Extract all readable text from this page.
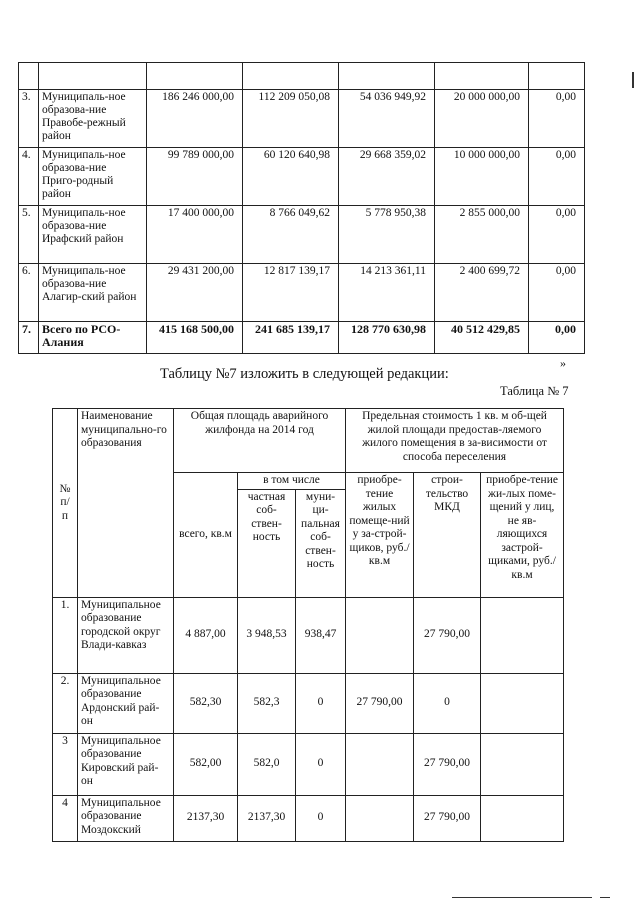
3.	Муниципаль-ное образова-ние Правобе-режный район	186 246 000,00	112 209 050,08	54 036 949,92	20 000 000,00	0,00
4.	Муниципаль-ное образова-ние Приго-родный район	99 789 000,00	60 120 640,98	29 668 359,02	10 000 000,00	0,00
5.	Муниципаль-ное образова-ние Ирафский район	17 400 000,00	8 766 049,62	5 778 950,38	2 855 000,00	0,00
6.	Муниципаль-ное образова-ние Алагир-ский район	29 431 200,00	12 817 139,17	14 213 361,11	2 400 699,72	0,00
7.	Всего по РСО-Алания	415 168 500,00	241 685 139,17	128 770 630,98	40 512 429,85	0,00
»
Таблицу №7 изложить в следующей редакции:
Таблица № 7
№ п/ п	Наименование муниципально-го образования	Общая площадь аварийного жилфонда на 2014 год			Предельная стоимость 1 кв. м об-щей жилой площади предостав-ляемого жилого помещения в за-висимости от способа переселения		
		всего, кв.м	в том числе		приобре-тение жилых помеще-ний у за-строй-щиков, руб./кв.м	строи-тельство МКД	приобре-тение жи-лых поме-щений у лиц, не яв-ляющихся застрой-щиками, руб./кв.м
			частная соб-ствен-ность	муни-ци-пальная соб-ствен-ность			
1.	Муниципальное образование городской округ Влади-кавказ	4 887,00	3 948,53	938,47		27 790,00	
2.	Муниципальное образование Ардонский рай-он	582,30	582,3	0	27 790,00	0	
3	Муниципальное образование Кировский рай-он	582,00	582,0	0		27 790,00	
4	Муниципальное образование Моздокский	2137,30	2137,30	0		27 790,00	
